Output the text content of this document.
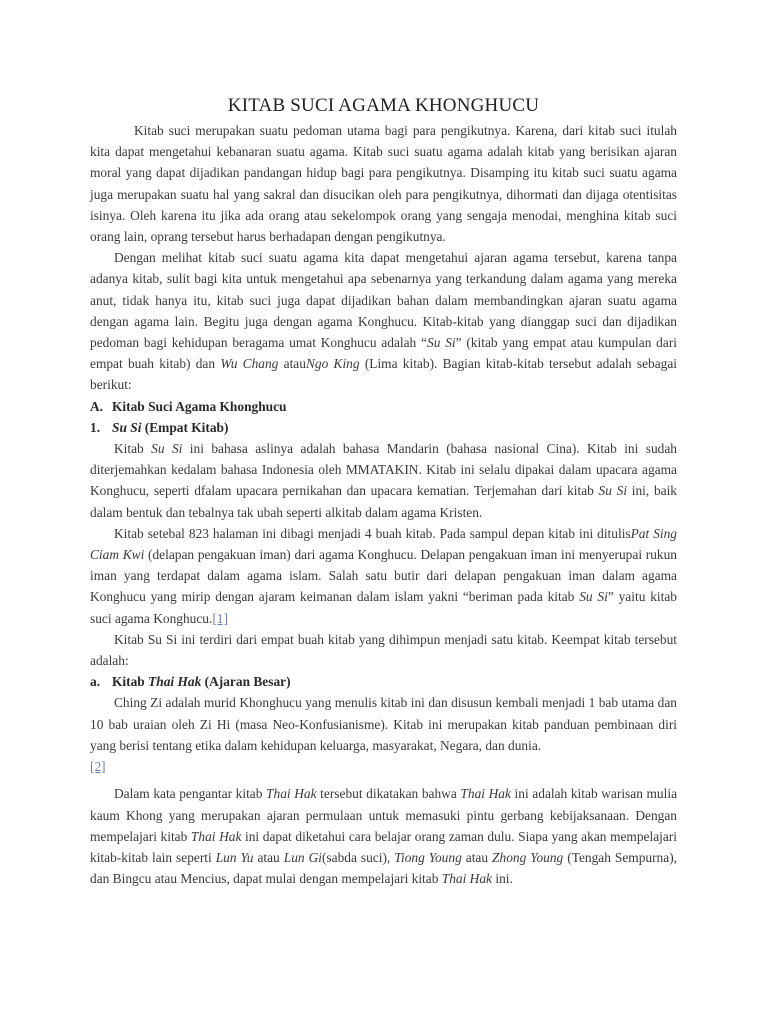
KITAB SUCI AGAMA KHONGHUCU

Kitab suci merupakan suatu pedoman utama bagi para pengikutnya. Karena, dari kitab suci itulah kita dapat mengetahui kebanaran suatu agama. Kitab suci suatu agama adalah kitab yang berisikan ajaran moral yang dapat dijadikan pandangan hidup bagi para pengikutnya. Disamping itu kitab suci suatu agama juga merupakan suatu hal yang sakral dan disucikan oleh para pengikutnya, dihormati dan dijaga otentisitas isinya. Oleh karena itu jika ada orang atau sekelompok orang yang sengaja menodai, menghina kitab suci orang lain, oprang tersebut harus berhadapan dengan pengikutnya.

Dengan melihat kitab suci suatu agama kita dapat mengetahui ajaran agama tersebut, karena tanpa adanya kitab, sulit bagi kita untuk mengetahui apa sebenarnya yang terkandung dalam agama yang mereka anut, tidak hanya itu, kitab suci juga dapat dijadikan bahan dalam membandingkan ajaran suatu agama dengan agama lain. Begitu juga dengan agama Konghucu. Kitab-kitab yang dianggap suci dan dijadikan pedoman bagi kehidupan beragama umat Konghucu adalah “Su Si” (kitab yang empat atau kumpulan dari empat buah kitab) dan Wu Chang atauNgo King (Lima kitab). Bagian kitab-kitab tersebut adalah sebagai berikut:

A. Kitab Suci Agama Khonghucu

1. Su Si (Empat Kitab)

Kitab Su Si ini bahasa aslinya adalah bahasa Mandarin (bahasa nasional Cina). Kitab ini sudah diterjemahkan kedalam bahasa Indonesia oleh MMATAKIN. Kitab ini selalu dipakai dalam upacara agama Konghucu, seperti dfalam upacara pernikahan dan upacara kematian. Terjemahan dari kitab Su Si ini, baik dalam bentuk dan tebalnya tak ubah seperti alkitab dalam agama Kristen.

Kitab setebal 823 halaman ini dibagi menjadi 4 buah kitab. Pada sampul depan kitab ini ditulisPat Sing Ciam Kwi (delapan pengakuan iman) dari agama Konghucu. Delapan pengakuan iman ini menyerupai rukun iman yang terdapat dalam agama islam. Salah satu butir dari delapan pengakuan iman dalam agama Konghucu yang mirip dengan ajaram keimanan dalam islam yakni “beriman pada kitab Su Si” yaitu kitab suci agama Konghucu.[1]

Kitab Su Si ini terdiri dari empat buah kitab yang dihimpun menjadi satu kitab. Keempat kitab tersebut adalah:

a. Kitab Thai Hak (Ajaran Besar)

Ching Zi adalah murid Khonghucu yang menulis kitab ini dan disusun kembali menjadi 1 bab utama dan 10 bab uraian oleh Zi Hi (masa Neo-Konfusianisme). Kitab ini merupakan kitab panduan pembinaan diri yang berisi tentang etika dalam kehidupan keluarga, masyarakat, Negara, dan dunia.
[2]

Dalam kata pengantar kitab Thai Hak tersebut dikatakan bahwa Thai Hak ini adalah kitab warisan mulia kaum Khong yang merupakan ajaran permulaan untuk memasuki pintu gerbang kebijaksanaan. Dengan mempelajari kitab Thai Hak ini dapat diketahui cara belajar orang zaman dulu. Siapa yang akan mempelajari kitab-kitab lain seperti Lun Yu atau Lun Gi(sabda suci), Tiong Young atau Zhong Young (Tengah Sempurna), dan Bingcu atau Mencius, dapat mulai dengan mempelajari kitab Thai Hak ini.
